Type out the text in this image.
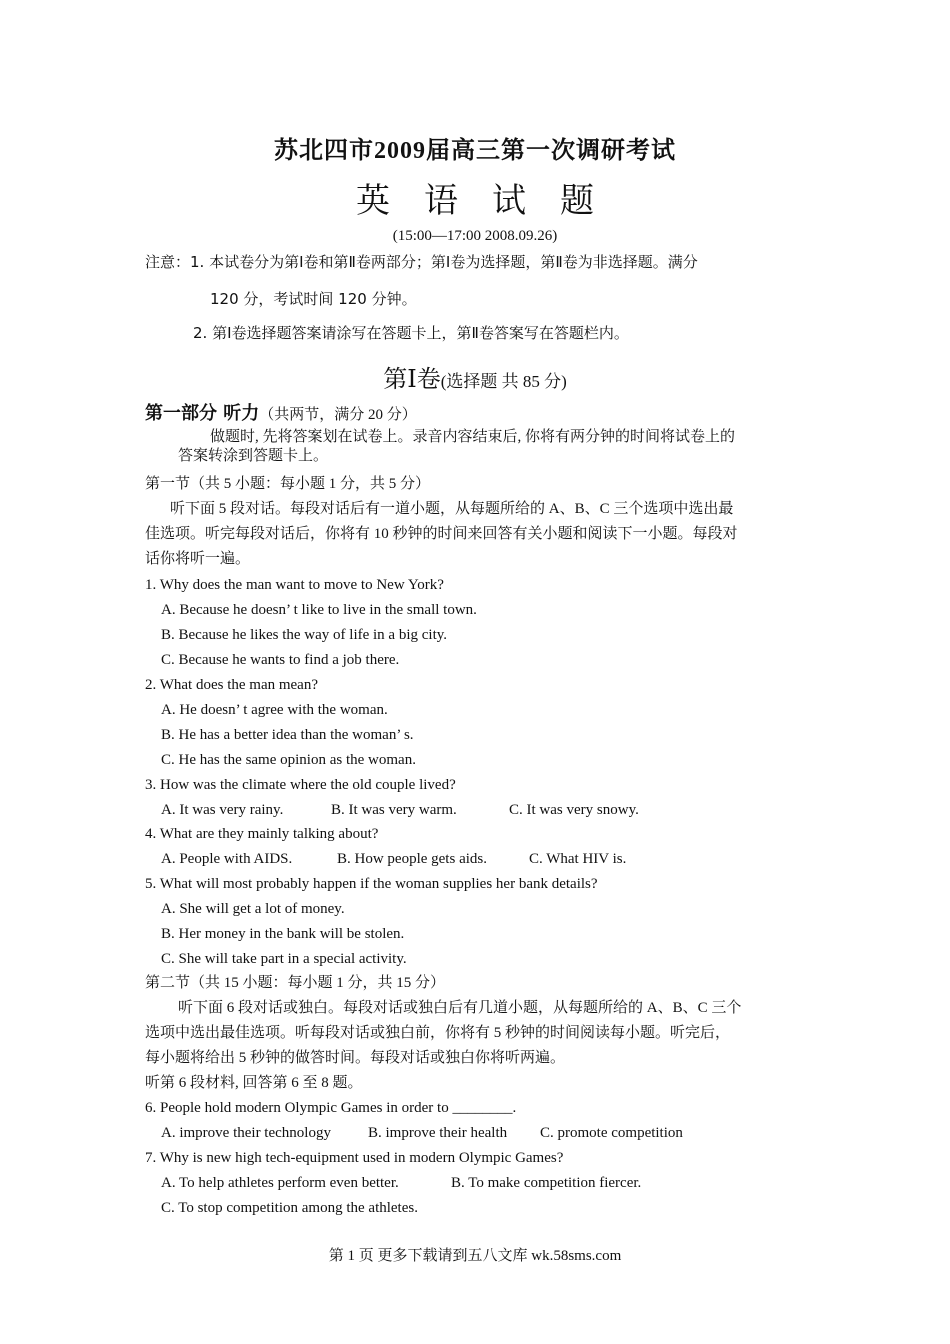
苏北四市2009届高三第一次调研考试
英语试题
(15:00—17:00 2008.09.26)
注意：1. 本试卷分为第Ⅰ卷和第Ⅱ卷两部分；第Ⅰ卷为选择题，第Ⅱ卷为非选择题。满分
120 分，考试时间 120 分钟。
2. 第Ⅰ卷选择题答案请涂写在答题卡上，第Ⅱ卷答案写在答题栏内。
第Ⅰ卷(选择题 共 85 分)
第一部分 听力（共两节，满分 20 分）
做题时, 先将答案划在试卷上。录音内容结束后, 你将有两分钟的时间将试卷上的
答案转涂到答题卡上。
第一节（共 5 小题：每小题 1 分，共 5 分）
听下面 5 段对话。每段对话后有一道小题，从每题所给的 A、B、C 三个选项中选出最
佳选项。听完每段对话后，你将有 10 秒钟的时间来回答有关小题和阅读下一小题。每段对
话你将听一遍。
1. Why does the man want to move to New York?
A. Because he doesn’ t like to live in the small town.
B. Because he likes the way of life in a big city.
C. Because he wants to find a job there.
2. What does the man mean?
A. He doesn’ t agree with the woman.
B. He has a better idea than the woman’ s.
C. He has the same opinion as the woman.
3. How was the climate where the old couple lived?
A. It was very rainy.	B. It was very warm.	C. It was very snowy.
4. What are they mainly talking about?
A. People with AIDS.	B. How people gets aids.	C. What HIV is.
5. What will most probably happen if the woman supplies her bank details?
A. She will get a lot of money.
B. Her money in the bank will be stolen.
C. She will take part in a special activity.
第二节（共 15 小题：每小题 1 分，共 15 分）
听下面 6 段对话或独白。每段对话或独白后有几道小题，从每题所给的 A、B、C 三个
选项中选出最佳选项。听每段对话或独白前，你将有 5 秒钟的时间阅读每小题。听完后，
每小题将给出 5 秒钟的做答时间。每段对话或独白你将听两遍。
听第 6 段材料, 回答第 6 至 8 题。
6. People hold modern Olympic Games in order to ________.
A. improve their technology B. improve their health C. promote competition
7. Why is new high tech-equipment used in modern Olympic Games?
A. To help athletes perform even better.	B. To make competition fiercer.
C. To stop competition among the athletes.
第 1 页 更多下载请到五八文库 wk.58sms.com
